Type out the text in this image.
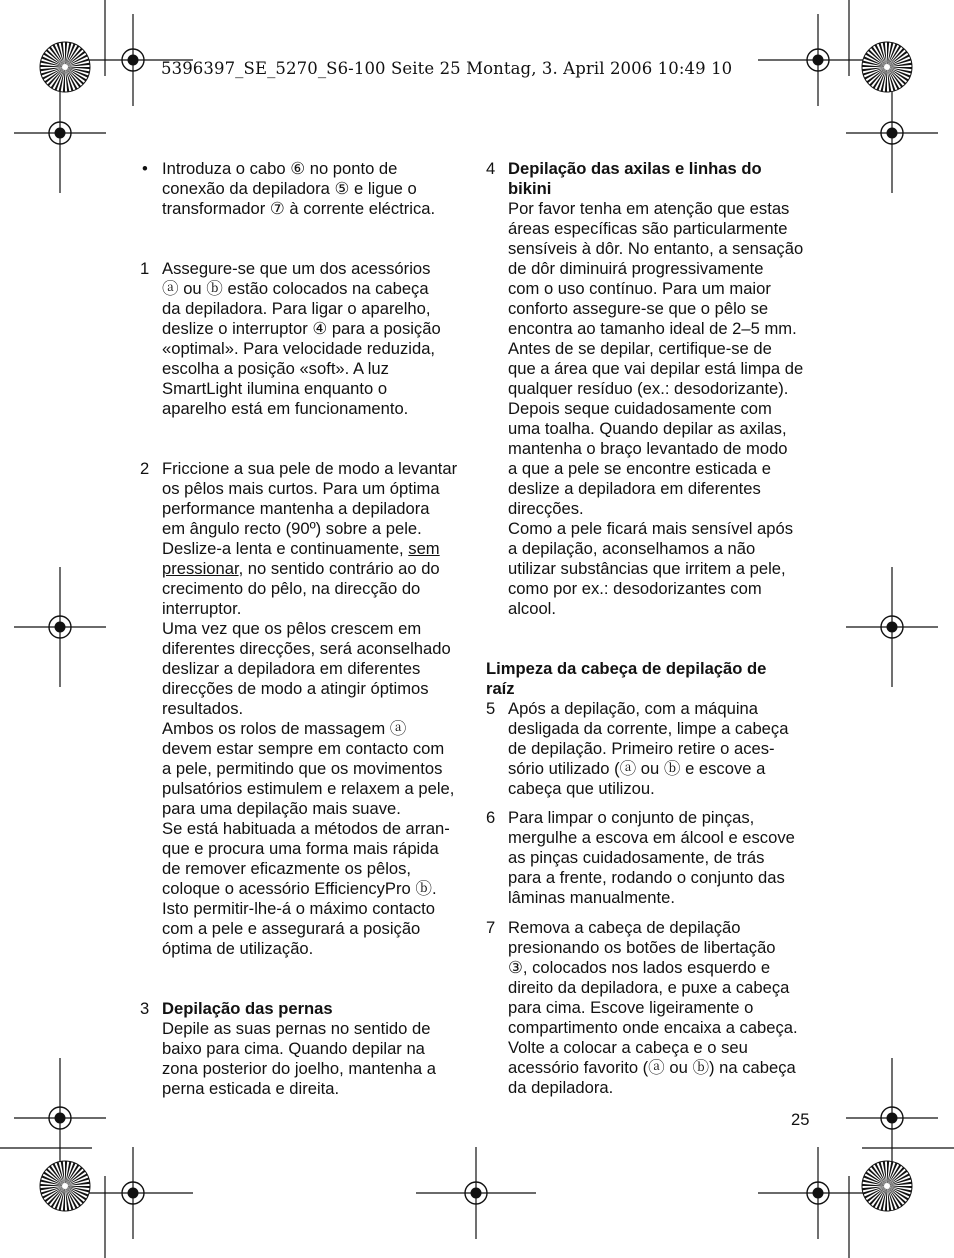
5396397_SE_5270_S6-100 Seite 25 Montag, 3. April 2006 10:49 10
• Introduza o cabo ⑥ no ponto de

conexão da depiladora ⑤ e ligue o

transformador ⑦ à corrente eléctrica.

1 Assegure-se que um dos acessórios

ⓐ ou ⓑ estão colocados na cabeça

da depiladora. Para ligar o aparelho,

deslize o interruptor ④ para a posição

«optimal». Para velocidade reduzida,

escolha a posição «soft». A luz

SmartLight ilumina enquanto o

aparelho está em funcionamento.

2 Friccione a sua pele de modo a levantar

os pêlos mais curtos. Para um óptima

performance mantenha a depiladora

em ângulo recto (90º) sobre a pele.

Deslize-a lenta e continuamente, sem

pressionar, no sentido contrário ao do

crecimento do pêlo, na direcção do

interruptor.

Uma vez que os pêlos crescem em

diferentes direcções, será aconselhado

deslizar a depiladora em diferentes

direcções de modo a atingir óptimos

resultados.

Ambos os rolos de massagem ⓐ

devem estar sempre em contacto com

a pele, permitindo que os movimentos

pulsatórios estimulem e relaxem a pele,

para uma depilação mais suave.

Se está habituada a métodos de arran-

que e procura uma forma mais rápida

de remover eficazmente os pêlos,

coloque o acessório EfficiencyPro ⓑ.

Isto permitir-lhe-á o máximo contacto

com a pele e assegurará a posição

óptima de utilização.

3 Depilação das pernas

Depile as suas pernas no sentido de

baixo para cima. Quando depilar na

zona posterior do joelho, mantenha a

perna esticada e direita.

4 Depilação das axilas e linhas do

bikini

Por favor tenha em atenção que estas

áreas específicas são particularmente

sensíveis à dôr. No entanto, a sensação

de dôr diminuirá progressivamente

com o uso contínuo. Para um maior

conforto assegure-se que o pêlo se

encontra ao tamanho ideal de 2–5 mm.

Antes de se depilar, certifique-se de

que a área que vai depilar está limpa de

qualquer resíduo (ex.: desodorizante).

Depois seque cuidadosamente com

uma toalha. Quando depilar as axilas,

mantenha o braço levantado de modo

a que a pele se encontre esticada e

deslize a depiladora em diferentes

direcções.

Como a pele ficará mais sensível após

a depilação, aconselhamos a não

utilizar substâncias que irritem a pele,

como por ex.: desodorizantes com

alcool.

Limpeza da cabeça de depilação de

raíz

5 Após a depilação, com a máquina

desligada da corrente, limpe a cabeça

de depilação. Primeiro retire o aces-

sório utilizado (ⓐ ou ⓑ e escove a

cabeça que utilizou.

6 Para limpar o conjunto de pinças,

mergulhe a escova em álcool e escove

as pinças cuidadosamente, de trás

para a frente, rodando o conjunto das

lâminas manualmente.

7 Remova a cabeça de depilação

presionando os botões de libertação

③, colocados nos lados esquerdo e

direito da depiladora, e puxe a cabeça

para cima. Escove ligeiramente o

compartimento onde encaixa a cabeça.

Volte a colocar a cabeça e o seu

acessório favorito (ⓐ ou ⓑ) na cabeça

da depiladora.

25
